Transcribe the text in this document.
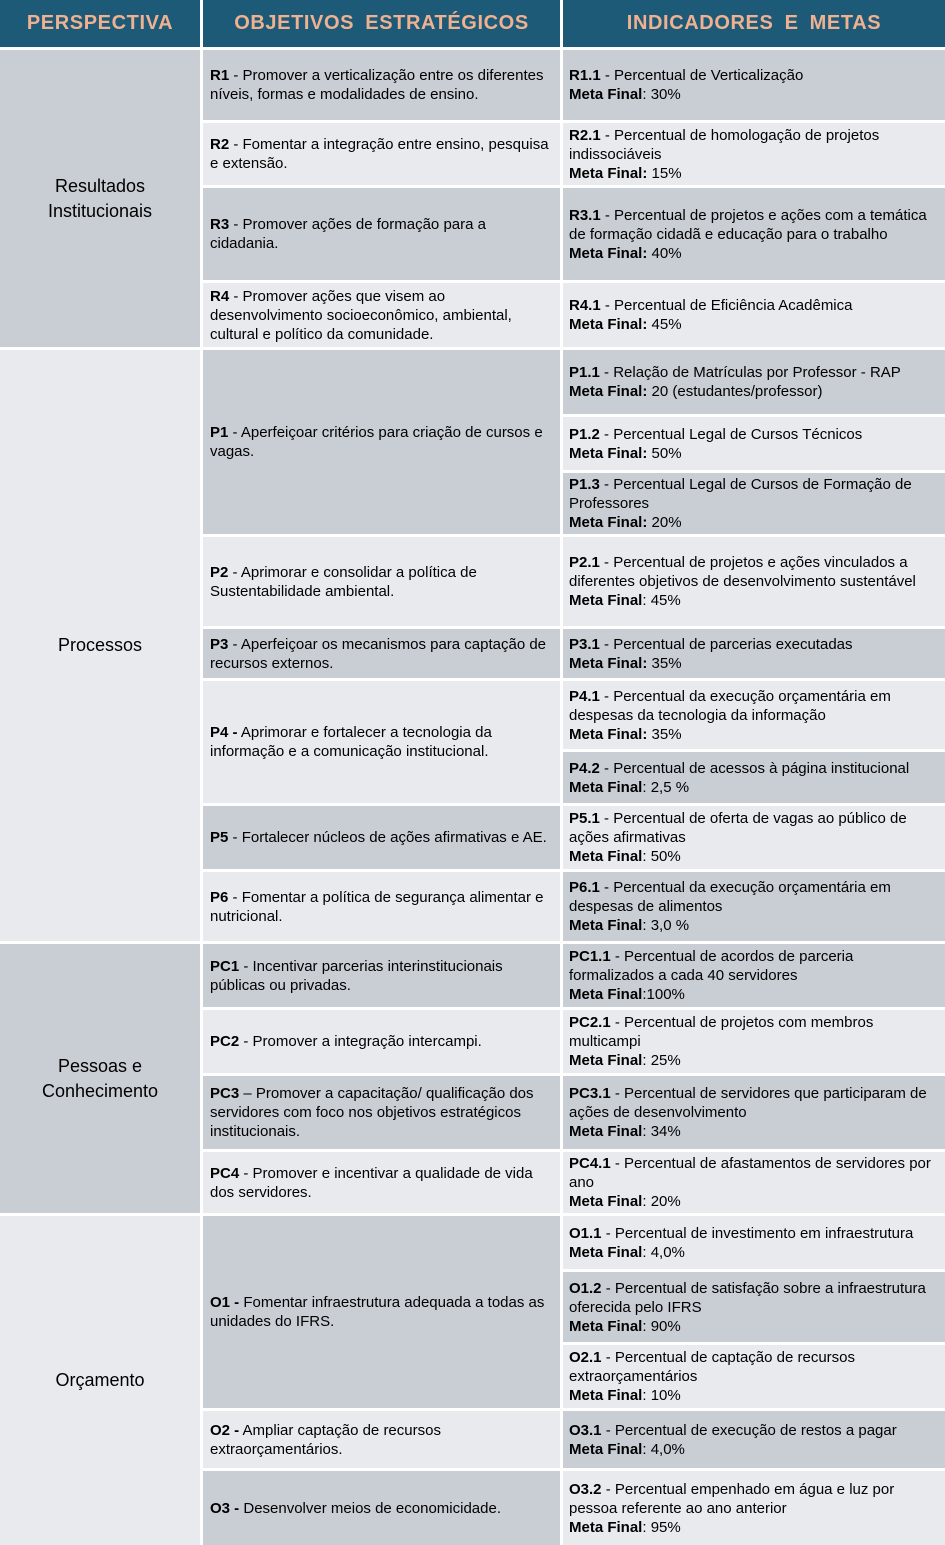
PERSPECTIVA	OBJETIVOS ESTRATÉGICOS	INDICADORES E METAS
Resultados Institucionais
Processos
Pessoas e Conhecimento
Orçamento

R1 - Promover a verticalização entre os diferentes níveis, formas e modalidades de ensino.

R2 - Fomentar a integração entre ensino, pesquisa e extensão.

R3 - Promover ações de formação para a cidadania.

R4 - Promover ações que visem ao desenvolvimento socioeconômico, ambiental, cultural e político da comunidade.

P1 - Aperfeiçoar critérios para criação de cursos e vagas.

P2 - Aprimorar e consolidar a política de Sustentabilidade ambiental.

P3 - Aperfeiçoar os mecanismos para captação de recursos externos.

P4 - Aprimorar e fortalecer a tecnologia da informação e a comunicação institucional.

P5 - Fortalecer núcleos de ações afirmativas e AE.

P6 - Fomentar a política de segurança alimentar e nutricional.

PC1 - Incentivar parcerias interinstitucionais públicas ou privadas.

PC2 - Promover a integração intercampi.

PC3 – Promover a capacitação/ qualificação dos servidores com foco nos objetivos estratégicos institucionais.

PC4 - Promover e incentivar a qualidade de vida dos servidores.

O1 - Fomentar infraestrutura adequada a todas as unidades do IFRS.

O2 - Ampliar captação de recursos extraorçamentários.

O3 - Desenvolver meios de economicidade.

R1.1 - Percentual de Verticalização

Meta Final: 30%

R2.1 - Percentual de homologação de projetos indissociáveis

Meta Final: 15%

R3.1 - Percentual de projetos e ações com a temática de formação cidadã e educação para o trabalho

Meta Final: 40%

R4.1 - Percentual de Eficiência Acadêmica

Meta Final: 45%

P1.1 - Relação de Matrículas por Professor - RAP

Meta Final: 20 (estudantes/professor)

P1.2 - Percentual Legal de Cursos Técnicos

Meta Final: 50%

P1.3 - Percentual Legal de Cursos de Formação de Professores

Meta Final: 20%

P2.1 - Percentual de projetos e ações vinculados a diferentes objetivos de desenvolvimento sustentável

Meta Final: 45%

P3.1 - Percentual de parcerias executadas

Meta Final: 35%

P4.1 - Percentual da execução orçamentária em despesas da tecnologia da informação

Meta Final: 35%

P4.2 - Percentual de acessos à página institucional

Meta Final: 2,5 %

P5.1 - Percentual de oferta de vagas ao público de ações afirmativas

Meta Final: 50%

P6.1 - Percentual da execução orçamentária em despesas de alimentos

Meta Final: 3,0 %

PC1.1 - Percentual de acordos de parceria formalizados a cada 40 servidores

Meta Final:100%

PC2.1 - Percentual de projetos com membros multicampi

Meta Final: 25%

PC3.1 - Percentual de servidores que participaram de ações de desenvolvimento

Meta Final: 34%

PC4.1 - Percentual de afastamentos de servidores por ano

Meta Final: 20%

O1.1 - Percentual de investimento em infraestrutura

Meta Final: 4,0%

O1.2 - Percentual de satisfação sobre a infraestrutura oferecida pelo IFRS

Meta Final: 90%

O2.1 - Percentual de captação de recursos extraorçamentários

Meta Final: 10%

O3.1 - Percentual de execução de restos a pagar

Meta Final: 4,0%

O3.2 - Percentual empenhado em água e luz por pessoa referente ao ano anterior

Meta Final: 95%
